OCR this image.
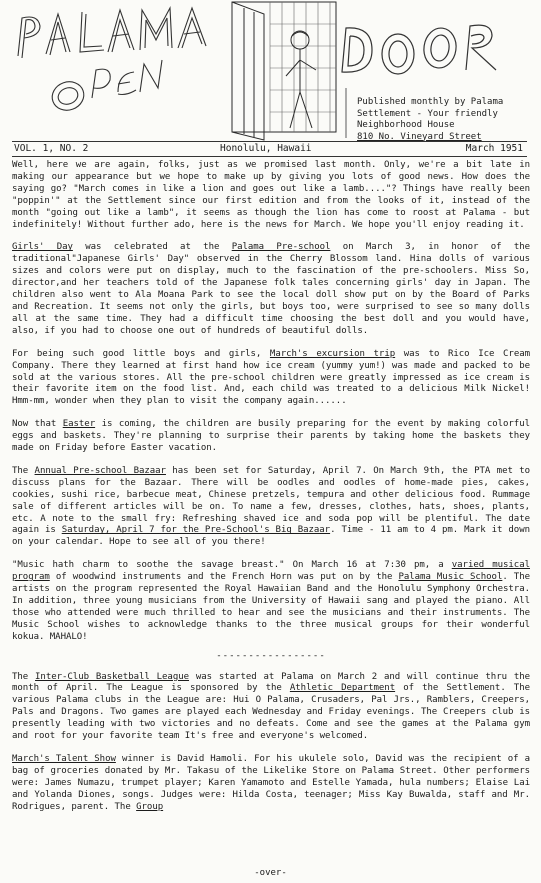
Published monthly by Palama
Settlement - Your friendly
Neighborhood House
810 No. Vineyard Street
VOL. 1, NO. 2	Honolulu, Hawaii	March 1951

Well, here we are again, folks, just as we promised last month. Only, we're a bit late in making our appearance but we hope to make up by giving you lots of good news. How does the saying go? "March comes in like a lion and goes out like a lamb...."? Things have really been "poppin'" at the Settlement since our first edition and from the looks of it, instead of the month "going out like a lamb", it seems as though the lion has come to roost at Palama - but indefinitely! Without further ado, here is the news for March. We hope you'll enjoy reading it.

Girls' Day was celebrated at the Palama Pre-school on March 3, in honor of the traditional"Japanese Girls' Day" observed in the Cherry Blossom land. Hina dolls of various sizes and colors were put on display, much to the fascination of the pre-schoolers. Miss So, director,and her teachers told of the Japanese folk tales concerning girls' day in Japan. The children also went to Ala Moana Park to see the local doll show put on by the Board of Parks and Recreation. It seems not only the girls, but boys too, were surprised to see so many dolls all at the same time. They had a difficult time choosing the best doll and you would have, also, if you had to choose one out of hundreds of beautiful dolls.

For being such good little boys and girls, March's excursion trip was to Rico Ice Cream Company. There they learned at first hand how ice cream (yummy yum!) was made and packed to be sold at the various stores. All the pre-school children were greatly impressed as ice cream is their favorite item on the food list. And, each child was treated to a delicious Milk Nickel! Hmm-mm, wonder when they plan to visit the company again......

Now that Easter is coming, the children are busily preparing for the event by making colorful eggs and baskets. They're planning to surprise their parents by taking home the baskets they made on Friday before Easter vacation.

The Annual Pre-school Bazaar has been set for Saturday, April 7. On March 9th, the PTA met to discuss plans for the Bazaar. There will be oodles and oodles of home-made pies, cakes, cookies, sushi rice, barbecue meat, Chinese pretzels, tempura and other delicious food. Rummage sale of different articles will be on. To name a few, dresses, clothes, hats, shoes, plants, etc. A note to the small fry: Refreshing shaved ice and soda pop will be plentiful. The date again is Saturday, April 7 for the Pre-School's Big Bazaar. Time - 11 am to 4 pm. Mark it down on your calendar. Hope to see all of you there!

"Music hath charm to soothe the savage breast." On March 16 at 7:30 pm, a varied musical program of woodwind instruments and the French Horn was put on by the Palama Music School. The artists on the program represented the Royal Hawaiian Band and the Honolulu Symphony Orchestra. In addition, three young musicians from the University of Hawaii sang and played the piano. All those who attended were much thrilled to hear and see the musicians and their instruments. The Music School wishes to acknowledge thanks to the three musical groups for their wonderful kokua. MAHALO!

-----------------

The Inter-Club Basketball League was started at Palama on March 2 and will continue thru the month of April. The League is sponsored by the Athletic Department of the Settlement. The various Palama clubs in the League are: Hui O Palama, Crusaders, Pal Jrs., Ramblers, Creepers, Pals and Dragons. Two games are played each Wednesday and Friday evenings. The Creepers club is presently leading with two victories and no defeats. Come and see the games at the Palama gym and root for your favorite team It's free and everyone's welcomed.

March's Talent Show winner is David Hamoli. For his ukulele solo, David was the recipient of a bag of groceries donated by Mr. Takasu of the Likelike Store on Palama Street. Other performers were: James Numazu, trumpet player; Karen Yamamoto and Estelle Yamada, hula numbers; Elaise Lai and Yolanda Diones, songs. Judges were: Hilda Costa, teenager; Miss Kay Buwalda, staff and Mr. Rodrigues, parent. The Group

-over-
